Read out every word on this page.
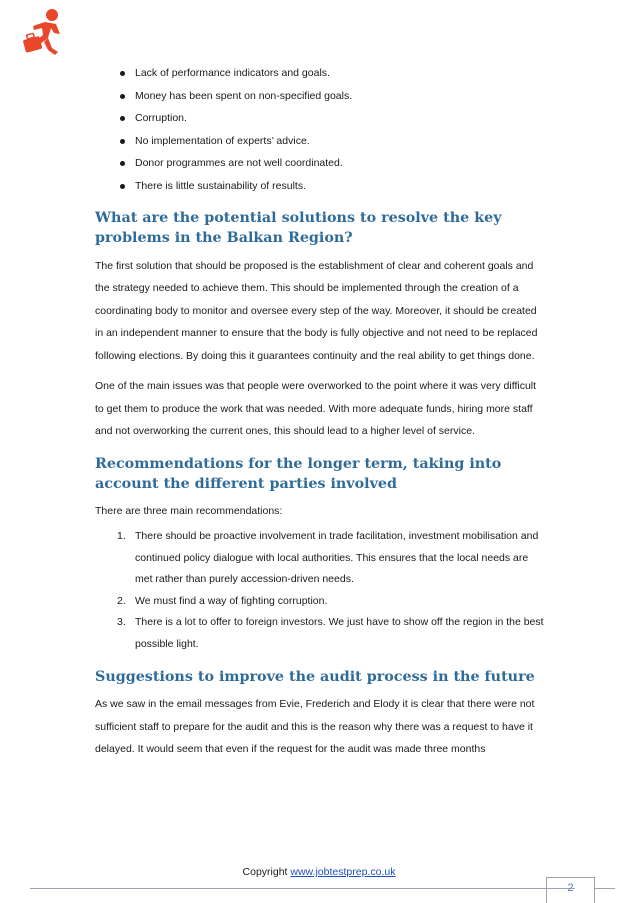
Lack of performance indicators and goals.
Money has been spent on non-specified goals.
Corruption.
No implementation of experts’ advice.
Donor programmes are not well coordinated.
There is little sustainability of results.
What are the potential solutions to resolve the key problems in the Balkan Region?

The first solution that should be proposed is the establishment of clear and coherent goals and the strategy needed to achieve them. This should be implemented through the creation of a coordinating body to monitor and oversee every step of the way. Moreover, it should be created in an independent manner to ensure that the body is fully objective and not need to be replaced following elections. By doing this it guarantees continuity and the real ability to get things done.

One of the main issues was that people were overworked to the point where it was very difficult to get them to produce the work that was needed. With more adequate funds, hiring more staff and not overworking the current ones, this should lead to a higher level of service.

Recommendations for the longer term, taking into account the different parties involved

There are three main recommendations:

1. There should be proactive involvement in trade facilitation, investment mobilisation and continued policy dialogue with local authorities. This ensures that the local needs are met rather than purely accession-driven needs.
2. We must find a way of fighting corruption.
3. There is a lot to offer to foreign investors. We just have to show off the region in the best possible light.
Suggestions to improve the audit process in the future

As we saw in the email messages from Evie, Frederich and Elody it is clear that there were not sufficient staff to prepare for the audit and this is the reason why there was a request to have it delayed. It would seem that even if the request for the audit was made three months

Copyright www.jobtestprep.co.uk
2
